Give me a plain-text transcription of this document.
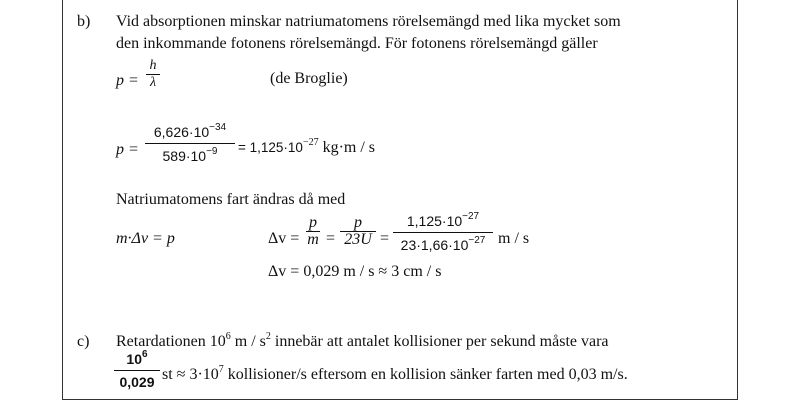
b) Vid absorptionen minskar natriumatomens rörelsemängd med lika mycket som
den inkommande fotonens rörelsemängd. För fotonens rörelsemängd gäller
p =
h
λ	(de Broglie)
p =
$6,626\cdot 10^{-34}$
$589\cdot 10^{-9}$	= $1,125\cdot 10^{-27}$ kg·m / s
Natriumatomens fart ändras då med
m·Δv = p	Δv =
p
m =
p
23U =
$1,125\cdot 10^{-27}$
$23\cdot 1,66\cdot 10^{-27}$ m / s
Δv = 0,029 m / s ≈ 3 cm / s
c) Retardationen $10^6$ m / $s^2$ innebär att antalet kollisioner per sekund måste vara
$10^6$
0,029 st ≈ $3\cdot 10^7$ kollisioner/s eftersom en kollision sänker farten med 0,03 m/s.
